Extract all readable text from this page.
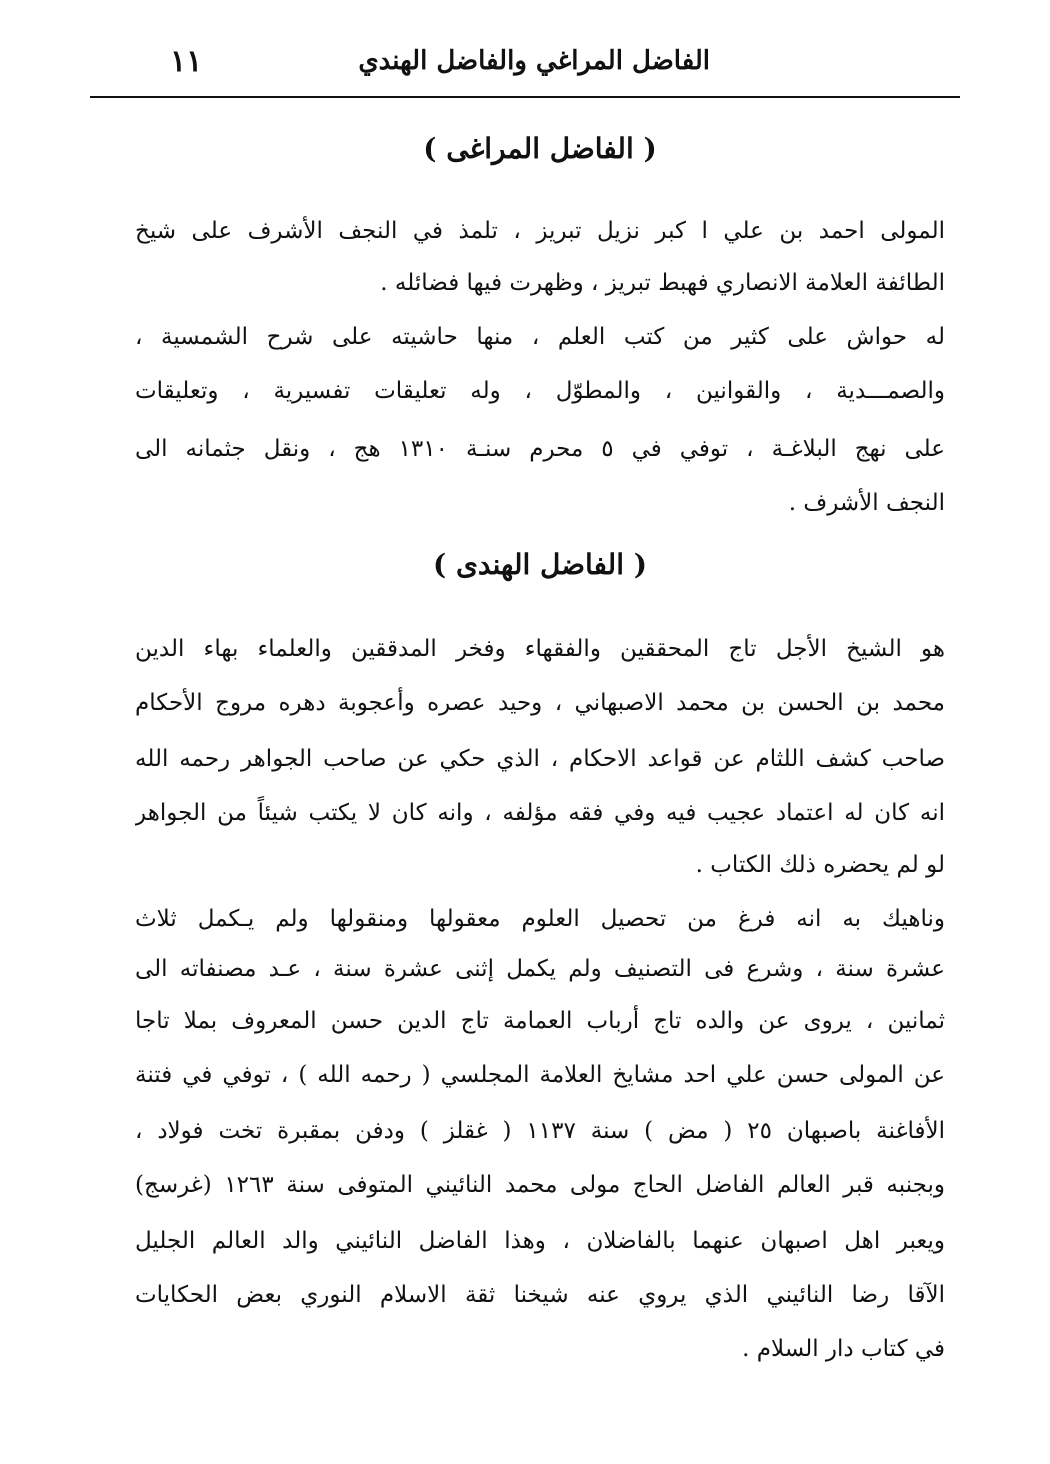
١١	الفاضل المراغي والفاضل الهندي
( الفاضل المراغى )
المولى احمد بن علي ا كبر نزيل تبريز ، تلمذ في النجف الأشرف على شيخ
الطائفة العلامة الانصاري فهبط تبريز ، وظهرت فيها فضائله .
له حواش على كثير من كتب العلم ، منها حاشيته على شرح الشمسية ،
والصمـــدية ، والقوانين ، والمطوّل ، وله تعليقات تفسيرية ، وتعليقات
على نهج البلاغـة ، توفي في ٥ محرم سنـة ١٣١٠ هج ، ونقل جثمانه الى
النجف الأشرف .
( الفاضل الهندى )
هو الشيخ الأجل تاج المحققين والفقهاء وفخر المدققين والعلماء بهاء الدين
محمد بن الحسن بن محمد الاصبهاني ، وحيد عصره وأعجوبة دهره مروج الأحكام
صاحب كشف اللثام عن قواعد الاحكام ، الذي حكي عن صاحب الجواهر رحمه الله
انه كان له اعتماد عجيب فيه وفي فقه مؤلفه ، وانه كان لا يكتب شيئاً من الجواهر
لو لم يحضره ذلك الكتاب .
وناهيك به انه فرغ من تحصيل العلوم معقولها ومنقولها ولم يـكمل ثلاث
عشرة سنة ، وشرع فى التصنيف ولم يكمل إثنى عشرة سنة ، عـد مصنفاته الى
ثمانين ، يروى عن والده تاج أرباب العمامة تاج الدين حسن المعروف بملا تاجا
عن المولى حسن علي احد مشايخ العلامة المجلسي ( رحمه الله ) ، توفي في فتنة
الأفاغنة باصبهان ٢٥ ( مض ) سنة ١١٣٧ ( غقلز ) ودفن بمقبرة تخت فولاد ،
وبجنبه قبر العالم الفاضل الحاج مولى محمد النائيني المتوفى سنة ١٢٦٣ (غرسج)
ويعبر اهل اصبهان عنهما بالفاضلان ، وهذا الفاضل النائيني والد العالم الجليل
الآقا رضا النائيني الذي يروي عنه شيخنا ثقة الاسلام النوري بعض الحكايات
في كتاب دار السلام .
